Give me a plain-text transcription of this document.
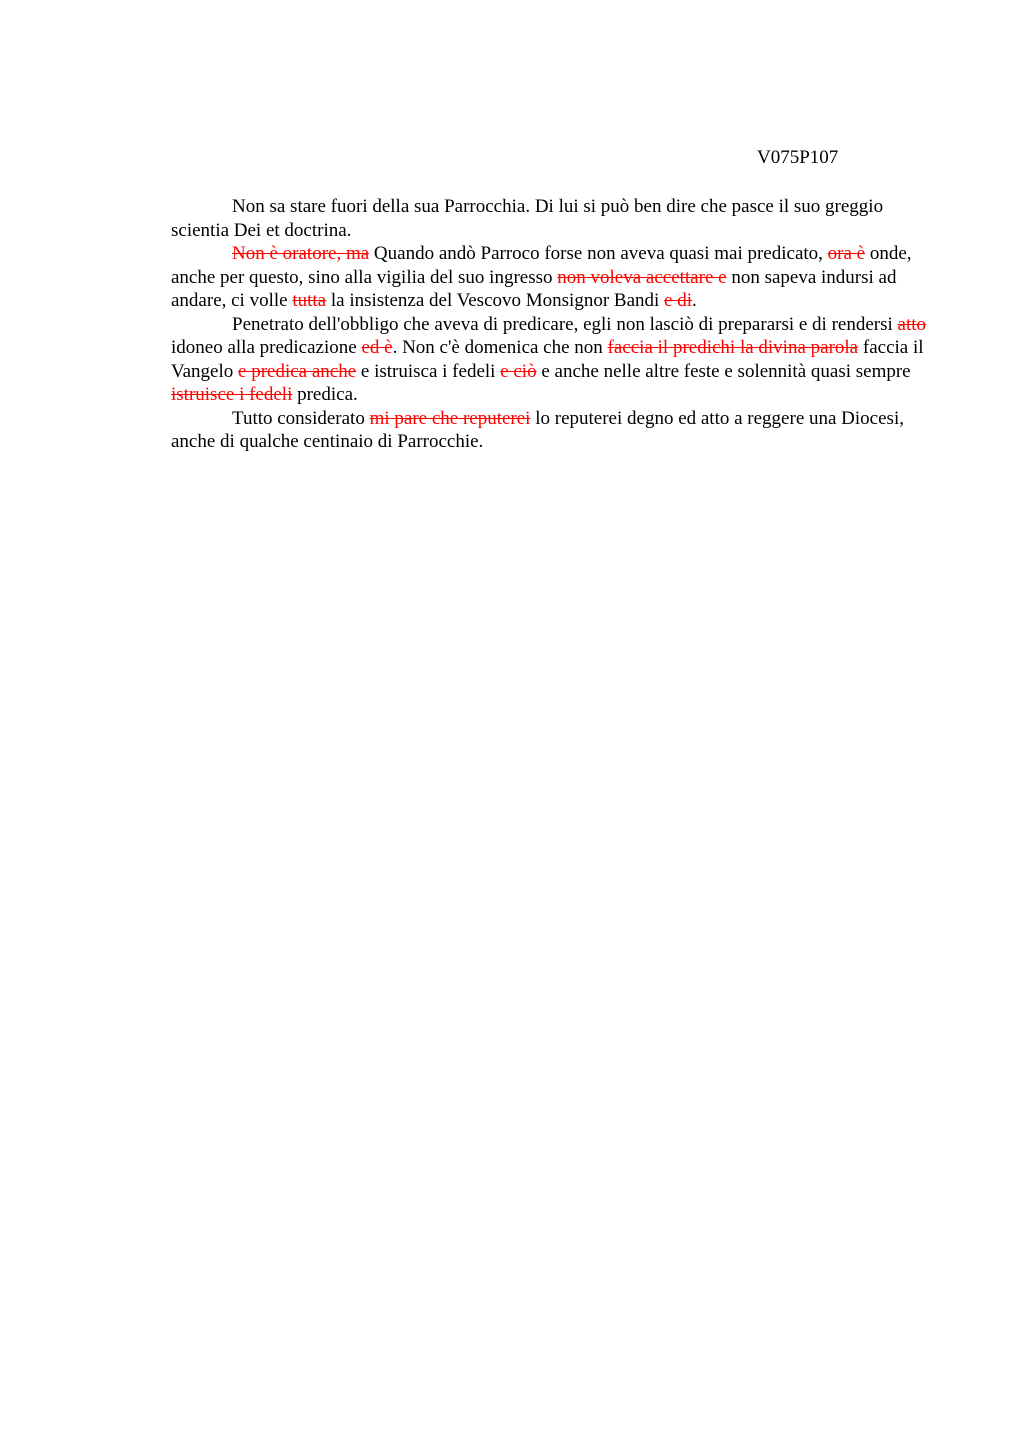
V075P107

Non sa stare fuori della sua Parrocchia. Di lui si può ben dire che pasce il suo greggio scientia Dei et doctrina.

Non è oratore, ma Quando andò Parroco forse non aveva quasi mai predicato, ora è onde, anche per questo, sino alla vigilia del suo ingresso non voleva accettare e non sapeva indursi ad andare, ci volle tutta la insistenza del Vescovo Monsignor Bandi e di.

Penetrato dell'obbligo che aveva di predicare, egli non lasciò di prepararsi e di rendersi atto idoneo alla predicazione ed è. Non c'è domenica che non faccia il predichi la divina parola faccia il Vangelo e predica anche e istruisca i fedeli e ciò e anche nelle altre feste e solennità quasi sempre istruisce i fedeli predica.

Tutto considerato mi pare che reputerei lo reputerei degno ed atto a reggere una Diocesi, anche di qualche centinaio di Parrocchie.
